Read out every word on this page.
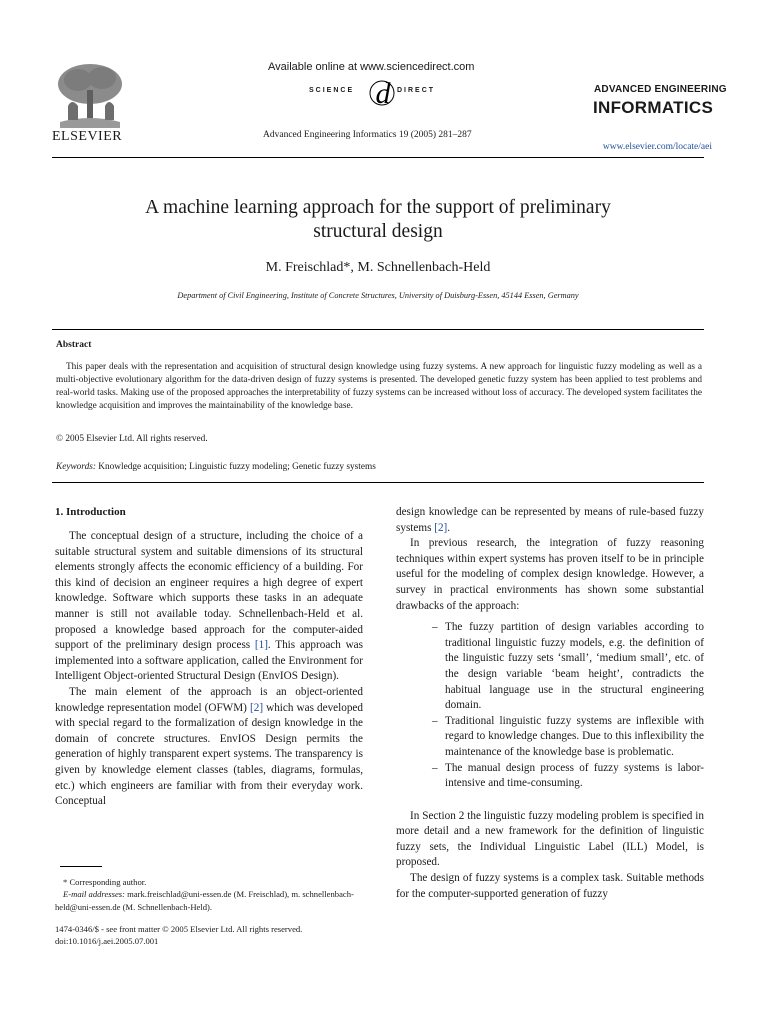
ELSEVIER
Available online at www.sciencedirect.com
d
SCIENCE	DIRECT
Advanced Engineering Informatics 19 (2005) 281–287
ADVANCED ENGINEERING
INFORMATICS
www.elsevier.com/locate/aei
A machine learning approach for the support of preliminary
structural design
M. Freischlad*, M. Schnellenbach-Held
Department of Civil Engineering, Institute of Concrete Structures, University of Duisburg-Essen, 45144 Essen, Germany
Abstract
This paper deals with the representation and acquisition of structural design knowledge using fuzzy systems. A new approach for linguistic fuzzy modeling as well as a multi-objective evolutionary algorithm for the data-driven design of fuzzy systems is presented. The developed genetic fuzzy system has been applied to test problems and real-world tasks. Making use of the proposed approaches the interpretability of fuzzy systems can be increased without loss of accuracy. The developed system facilitates the knowledge acquisition and improves the maintainability of the knowledge base.
© 2005 Elsevier Ltd. All rights reserved.
Keywords: Knowledge acquisition; Linguistic fuzzy modeling; Genetic fuzzy systems
1. Introduction

The conceptual design of a structure, including the choice of a suitable structural system and suitable dimensions of its structural elements strongly affects the economic efficiency of a building. For this kind of decision an engineer requires a high degree of expert knowledge. Software which supports these tasks in an adequate manner is still not available today. Schnellenbach-Held et al. proposed a knowledge based approach for the computer-aided support of the preliminary design process [1]. This approach was implemented into a software application, called the Environment for Intelligent Object-oriented Structural Design (EnvIOS Design).

The main element of the approach is an object-oriented knowledge representation model (OFWM) [2] which was developed with special regard to the formalization of design knowledge in the domain of concrete structures. EnvIOS Design permits the generation of highly transparent expert systems. The transparency is given by knowledge element classes (tables, diagrams, formulas, etc.) which engineers are familiar with from their everyday work. Conceptual

design knowledge can be represented by means of rule-based fuzzy systems [2].

In previous research, the integration of fuzzy reasoning techniques within expert systems has proven itself to be in principle useful for the modeling of complex design knowledge. However, a survey in practical environments has shown some substantial drawbacks of the approach:

– The fuzzy partition of design variables according to traditional linguistic fuzzy models, e.g. the definition of the linguistic fuzzy sets ‘small’, ‘medium small’, etc. of the design variable ‘beam height’, contradicts the habitual language use in the structural engineering domain.
– Traditional linguistic fuzzy systems are inflexible with regard to knowledge changes. Due to this inflexibility the maintenance of the knowledge base is problematic.
– The manual design process of fuzzy systems is labor-intensive and time-consuming.

In Section 2 the linguistic fuzzy modeling problem is specified in more detail and a new framework for the definition of linguistic fuzzy sets, the Individual Linguistic Label (ILL) Model, is proposed.

The design of fuzzy systems is a complex task. Suitable methods for the computer-supported generation of fuzzy

* Corresponding author.

E-mail addresses: mark.freischlad@uni-essen.de (M. Freischlad), m. schnellenbach-held@uni-essen.de (M. Schnellenbach-Held).

1474-0346/$ - see front matter © 2005 Elsevier Ltd. All rights reserved.
doi:10.1016/j.aei.2005.07.001
